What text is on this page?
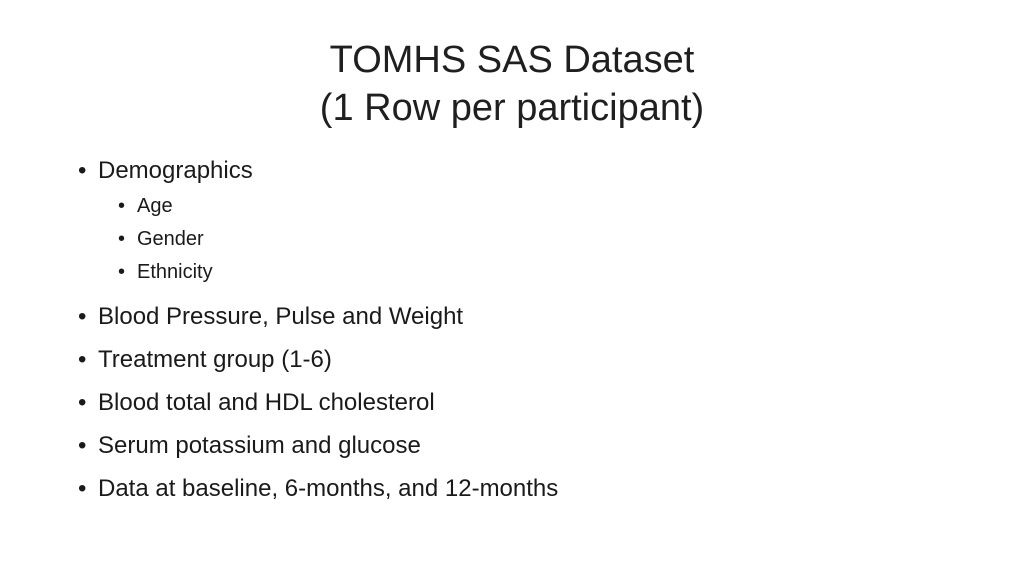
TOMHS SAS Dataset
(1 Row per participant)
• Demographics
• Age
• Gender
• Ethnicity
• Blood Pressure, Pulse and Weight
• Treatment group (1-6)
• Blood total and HDL cholesterol
• Serum potassium and glucose
• Data at baseline, 6-months, and 12-months
